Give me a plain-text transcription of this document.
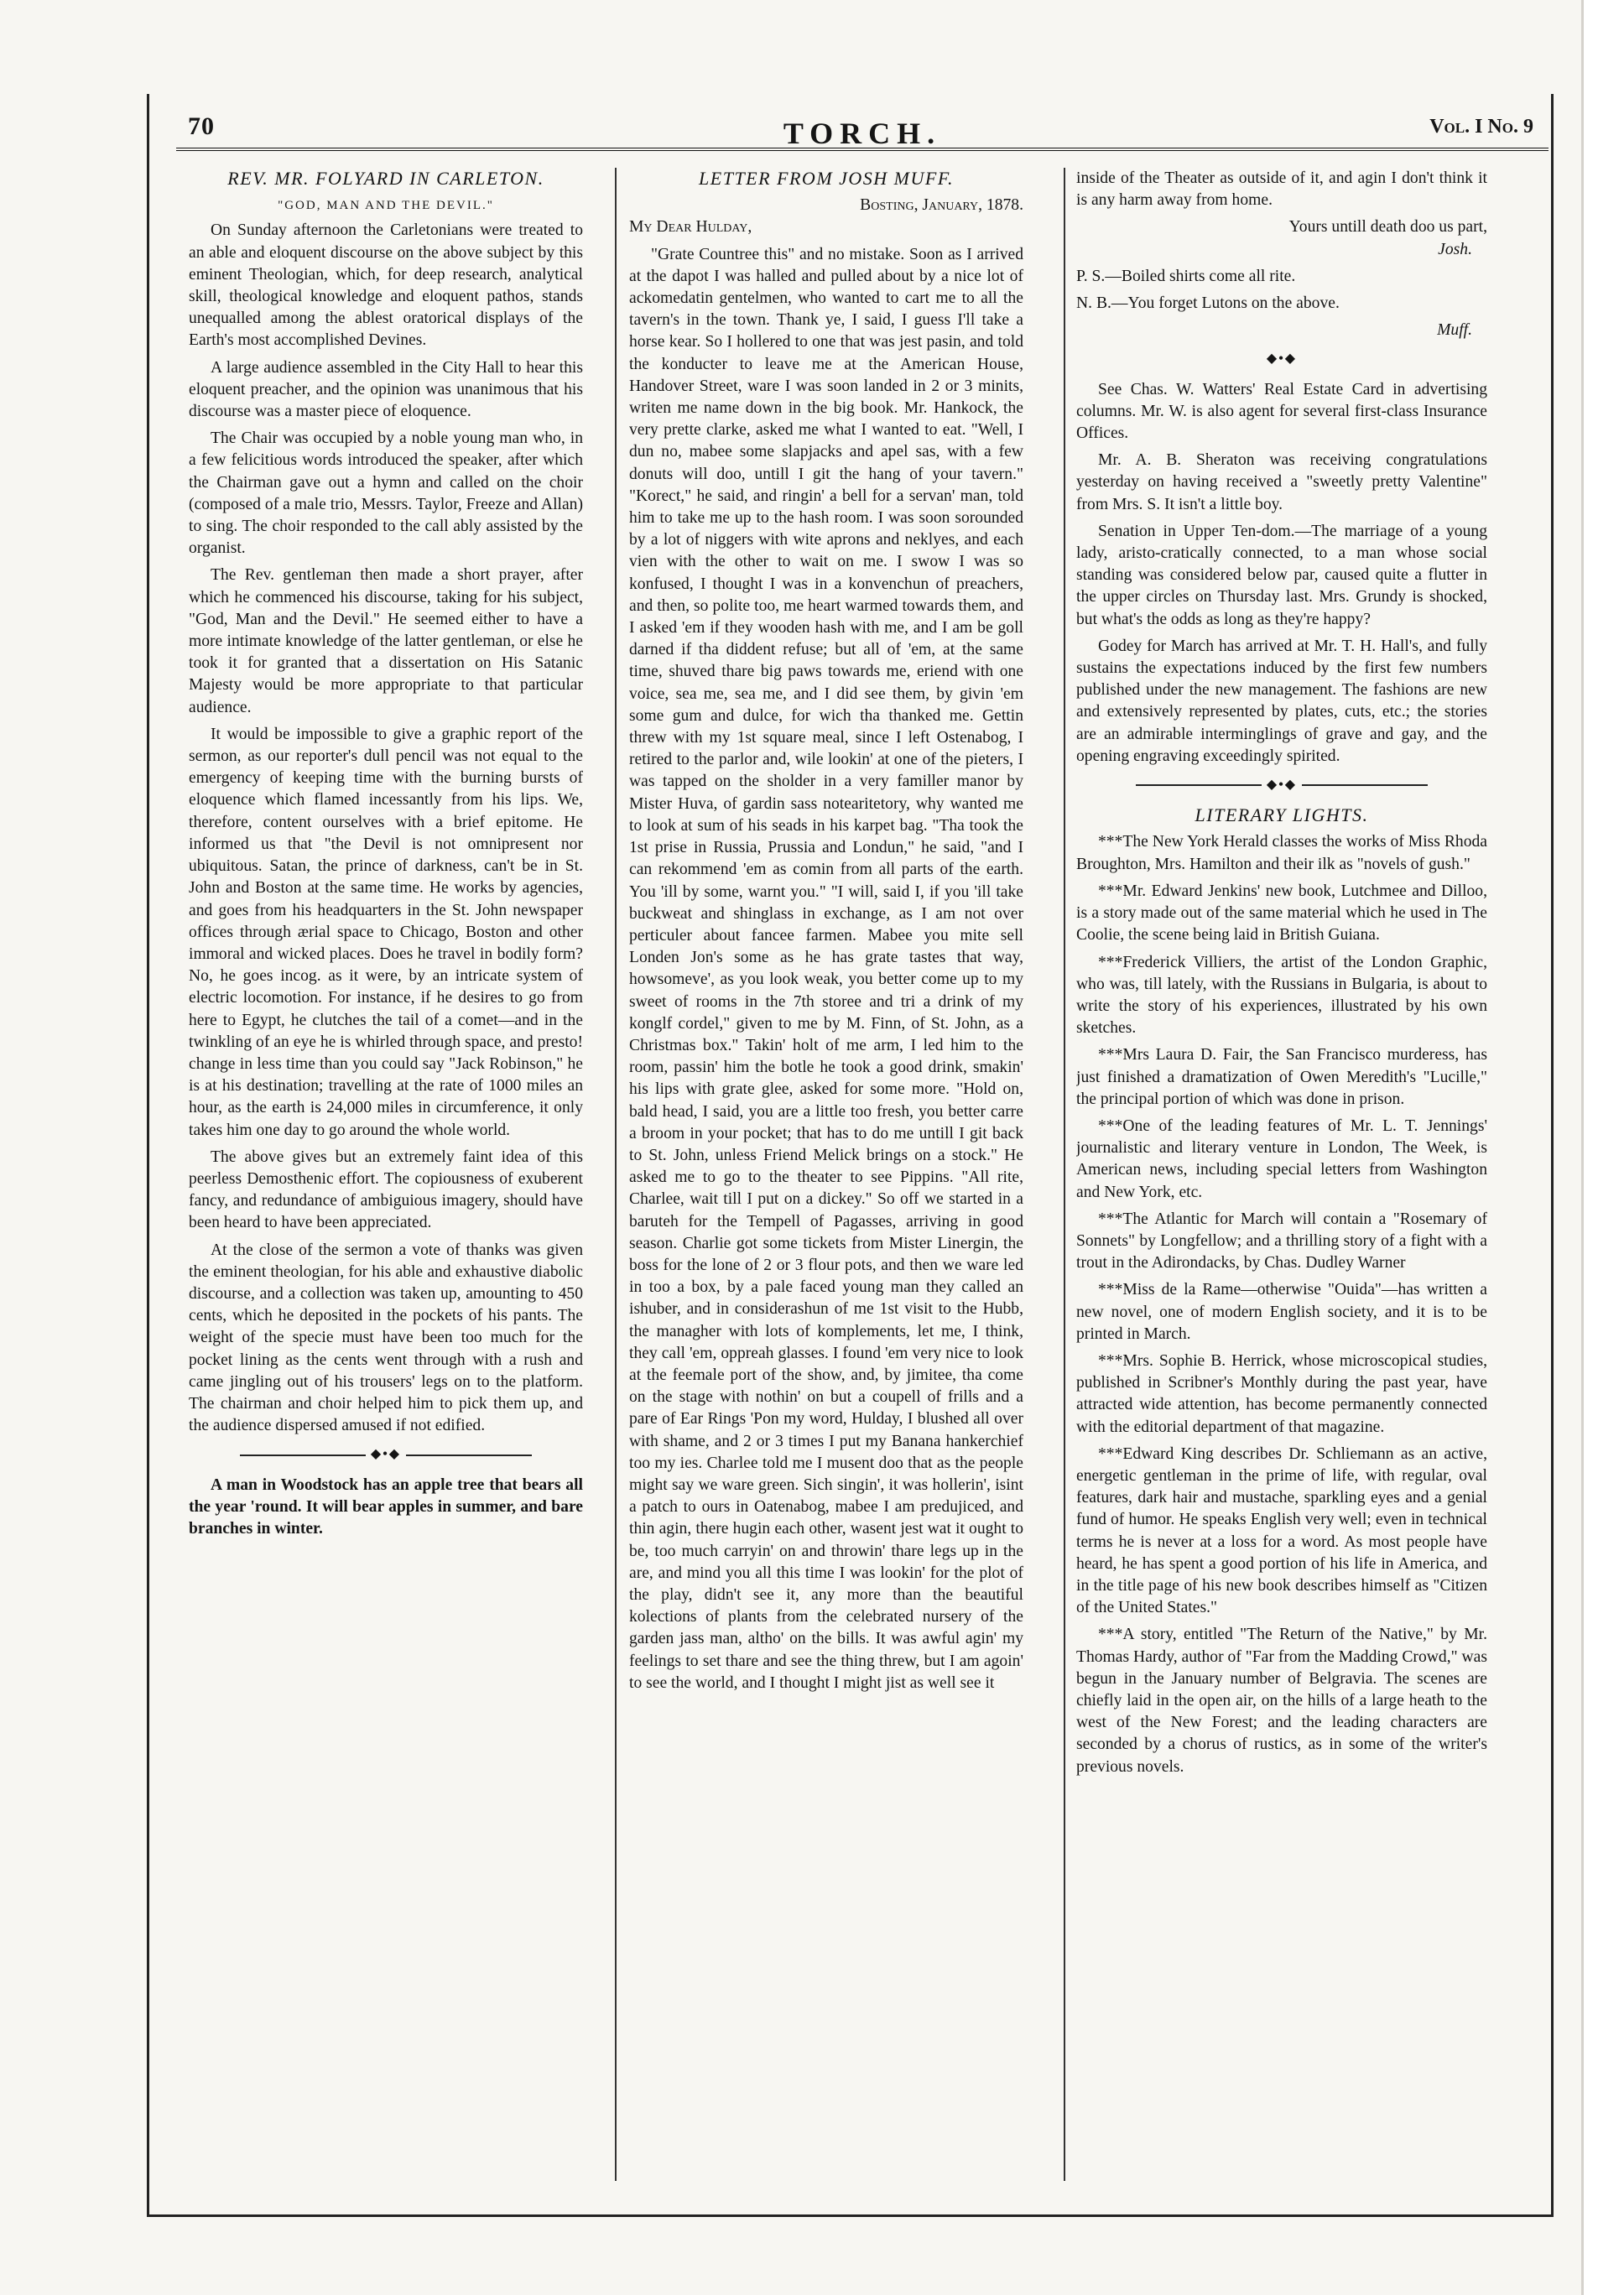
70	TORCH.	Vol. I No. 9
REV. MR. FOLYARD IN CARLETON.
"GOD, MAN AND THE DEVIL."

On Sunday afternoon the Carletonians were treated to an able and eloquent discourse on the above subject by this eminent Theologian, which, for deep research, analytical skill, theological knowledge and eloquent pathos, stands unequalled among the ablest oratorical displays of the Earth's most accomplished Devines.

A large audience assembled in the City Hall to hear this eloquent preacher, and the opinion was unanimous that his discourse was a master piece of eloquence.

The Chair was occupied by a noble young man who, in a few felicitious words introduced the speaker, after which the Chairman gave out a hymn and called on the choir (composed of a male trio, Messrs. Taylor, Freeze and Allan) to sing. The choir responded to the call ably assisted by the organist.

The Rev. gentleman then made a short prayer, after which he commenced his discourse, taking for his subject, "God, Man and the Devil." He seemed either to have a more intimate knowledge of the latter gentleman, or else he took it for granted that a dissertation on His Satanic Majesty would be more appropriate to that particular audience.

It would be impossible to give a graphic report of the sermon, as our reporter's dull pencil was not equal to the emergency of keeping time with the burning bursts of eloquence which flamed incessantly from his lips. We, therefore, content ourselves with a brief epitome. He informed us that "the Devil is not omnipresent nor ubiquitous. Satan, the prince of darkness, can't be in St. John and Boston at the same time. He works by agencies, and goes from his headquarters in the St. John newspaper offices through ærial space to Chicago, Boston and other immoral and wicked places. Does he travel in bodily form? No, he goes incog. as it were, by an intricate system of electric locomotion. For instance, if he desires to go from here to Egypt, he clutches the tail of a comet—and in the twinkling of an eye he is whirled through space, and presto! change in less time than you could say "Jack Robinson," he is at his destination; travelling at the rate of 1000 miles an hour, as the earth is 24,000 miles in circumference, it only takes him one day to go around the whole world.

The above gives but an extremely faint idea of this peerless Demosthenic effort. The copiousness of exuberent fancy, and redundance of ambiguious imagery, should have been heard to have been appreciated.

At the close of the sermon a vote of thanks was given the eminent theologian, for his able and exhaustive diabolic discourse, and a collection was taken up, amounting to 450 cents, which he deposited in the pockets of his pants. The weight of the specie must have been too much for the pocket lining as the cents went through with a rush and came jingling out of his trousers' legs on to the platform. The chairman and choir helped him to pick them up, and the audience dispersed amused if not edified.

◆•◆

A man in Woodstock has an apple tree that bears all the year 'round. It will bear apples in summer, and bare branches in winter.

LETTER FROM JOSH MUFF.
Bosting, January, 1878.

My Dear Hulday,

"Grate Countree this" and no mistake. Soon as I arrived at the dapot I was halled and pulled about by a nice lot of ackomedatin gentelmen, who wanted to cart me to all the tavern's in the town. Thank ye, I said, I guess I'll take a horse kear. So I hollered to one that was jest pasin, and told the konducter to leave me at the American House, Handover Street, ware I was soon landed in 2 or 3 minits, writen me name down in the big book. Mr. Hankock, the very prette clarke, asked me what I wanted to eat. "Well, I dun no, mabee some slapjacks and apel sas, with a few donuts will doo, untill I git the hang of your tavern." "Korect," he said, and ringin' a bell for a servan' man, told him to take me up to the hash room. I was soon sorounded by a lot of niggers with wite aprons and neklyes, and each vien with the other to wait on me. I swow I was so konfused, I thought I was in a konvenchun of preachers, and then, so polite too, me heart warmed towards them, and I asked 'em if they wooden hash with me, and I am be goll darned if tha diddent refuse; but all of 'em, at the same time, shuved thare big paws towards me, eriend with one voice, sea me, sea me, and I did see them, by givin 'em some gum and dulce, for wich tha thanked me. Gettin threw with my 1st square meal, since I left Ostenabog, I retired to the parlor and, wile lookin' at one of the pieters, I was tapped on the sholder in a very familler manor by Mister Huva, of gardin sass notearitetory, why wanted me to look at sum of his seads in his karpet bag. "Tha took the 1st prise in Russia, Prussia and Londun," he said, "and I can rekommend 'em as comin from all parts of the earth. You 'ill by some, warnt you." "I will, said I, if you 'ill take buckweat and shinglass in exchange, as I am not over perticuler about fancee farmen. Mabee you mite sell Londen Jon's some as he has grate tastes that way, howsomeve', as you look weak, you better come up to my sweet of rooms in the 7th storee and tri a drink of my konglf cordel," given to me by M. Finn, of St. John, as a Christmas box." Takin' holt of me arm, I led him to the room, passin' him the botle he took a good drink, smakin' his lips with grate glee, asked for some more. "Hold on, bald head, I said, you are a little too fresh, you better carre a broom in your pocket; that has to do me untill I git back to St. John, unless Friend Melick brings on a stock." He asked me to go to the theater to see Pippins. "All rite, Charlee, wait till I put on a dickey." So off we started in a baruteh for the Tempell of Pagasses, arriving in good season. Charlie got some tickets from Mister Linergin, the boss for the lone of 2 or 3 flour pots, and then we ware led in too a box, by a pale faced young man they called an ishuber, and in considerashun of me 1st visit to the Hubb, the managher with lots of komplements, let me, I think, they call 'em, oppreah glasses. I found 'em very nice to look at the feemale port of the show, and, by jimitee, tha come on the stage with nothin' on but a coupell of frills and a pare of Ear Rings 'Pon my word, Hulday, I blushed all over with shame, and 2 or 3 times I put my Banana hankerchief too my ies. Charlee told me I musent doo that as the people might say we ware green. Sich singin', it was hollerin', isint a patch to ours in Oatenabog, mabee I am predujiced, and thin agin, there hugin each other, wasent jest wat it ought to be, too much carryin' on and throwin' thare legs up in the are, and mind you all this time I was lookin' for the plot of the play, didn't see it, any more than the beautiful kolections of plants from the celebrated nursery of the garden jass man, altho' on the bills. It was awful agin' my feelings to set thare and see the thing threw, but I am agoin' to see the world, and I thought I might jist as well see it

inside of the Theater as outside of it, and agin I don't think it is any harm away from home.

Yours untill death doo us part,
Josh.

P. S.—Boiled shirts come all rite.

N. B.—You forget Lutons on the above.

Muff.
◆•◆

See Chas. W. Watters' Real Estate Card in advertising columns. Mr. W. is also agent for several first-class Insurance Offices.

Mr. A. B. Sheraton was receiving congratulations yesterday on having received a "sweetly pretty Valentine" from Mrs. S. It isn't a little boy.

Senation in Upper Ten-dom.—The marriage of a young lady, aristo-cratically connected, to a man whose social standing was considered below par, caused quite a flutter in the upper circles on Thursday last. Mrs. Grundy is shocked, but what's the odds as long as they're happy?

Godey for March has arrived at Mr. T. H. Hall's, and fully sustains the expectations induced by the first few numbers published under the new management. The fashions are new and extensively represented by plates, cuts, etc.; the stories are an admirable interminglings of grave and gay, and the opening engraving exceedingly spirited.

◆•◆
LITERARY LIGHTS.

***The New York Herald classes the works of Miss Rhoda Broughton, Mrs. Hamilton and their ilk as "novels of gush."

***Mr. Edward Jenkins' new book, Lutchmee and Dilloo, is a story made out of the same material which he used in The Coolie, the scene being laid in British Guiana.

***Frederick Villiers, the artist of the London Graphic, who was, till lately, with the Russians in Bulgaria, is about to write the story of his experiences, illustrated by his own sketches.

***Mrs Laura D. Fair, the San Francisco murderess, has just finished a dramatization of Owen Meredith's "Lucille," the principal portion of which was done in prison.

***One of the leading features of Mr. L. T. Jennings' journalistic and literary venture in London, The Week, is American news, including special letters from Washington and New York, etc.

***The Atlantic for March will contain a "Rosemary of Sonnets" by Longfellow; and a thrilling story of a fight with a trout in the Adirondacks, by Chas. Dudley Warner

***Miss de la Rame—otherwise "Ouida"—has written a new novel, one of modern English society, and it is to be printed in March.

***Mrs. Sophie B. Herrick, whose microscopical studies, published in Scribner's Monthly during the past year, have attracted wide attention, has become permanently connected with the editorial department of that magazine.

***Edward King describes Dr. Schliemann as an active, energetic gentleman in the prime of life, with regular, oval features, dark hair and mustache, sparkling eyes and a genial fund of humor. He speaks English very well; even in technical terms he is never at a loss for a word. As most people have heard, he has spent a good portion of his life in America, and in the title page of his new book describes himself as "Citizen of the United States."

***A story, entitled "The Return of the Native," by Mr. Thomas Hardy, author of "Far from the Madding Crowd," was begun in the January number of Belgravia. The scenes are chiefly laid in the open air, on the hills of a large heath to the west of the New Forest; and the leading characters are seconded by a chorus of rustics, as in some of the writer's previous novels.
